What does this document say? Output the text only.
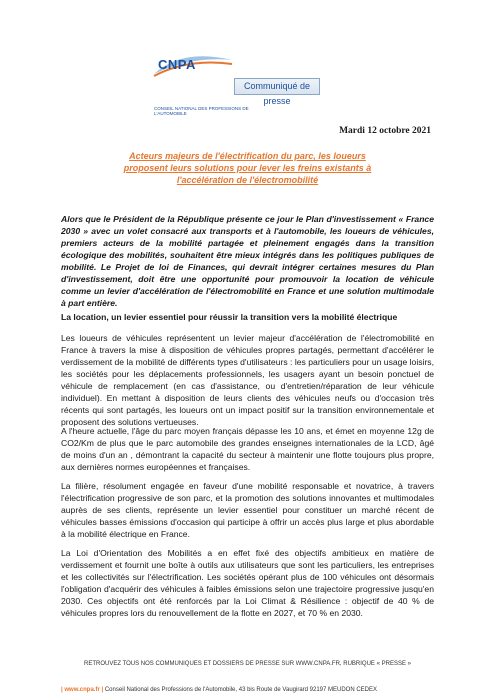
CNPA
CONSEIL NATIONAL DES PROFESSIONS DE L'AUTOMOBILE
Communiqué de presse
Mardi 12 octobre 2021
Acteurs majeurs de l'électrification du parc, les loueurs proposent leurs solutions pour lever les freins existants à l'accélération de l'électromobilité
Alors que le Président de la République présente ce jour le Plan d'investissement « France 2030 » avec un volet consacré aux transports et à l'automobile, les loueurs de véhicules, premiers acteurs de la mobilité partagée et pleinement engagés dans la transition écologique des mobilités, souhaitent être mieux intégrés dans les politiques publiques de mobilité. Le Projet de loi de Finances, qui devrait intégrer certaines mesures du Plan d'investissement, doit être une opportunité pour promouvoir la location de véhicule comme un levier d'accélération de l'électromobilité en France et une solution multimodale à part entière.
La location, un levier essentiel pour réussir la transition vers la mobilité électrique
Les loueurs de véhicules représentent un levier majeur d'accélération de l'électromobilité en France à travers la mise à disposition de véhicules propres partagés, permettant d'accélérer le verdissement de la mobilité de différents types d'utilisateurs : les particuliers pour un usage loisirs, les sociétés pour les déplacements professionnels, les usagers ayant un besoin ponctuel de véhicule de remplacement (en cas d'assistance, ou d'entretien/réparation de leur véhicule individuel). En mettant à disposition de leurs clients des véhicules neufs ou d'occasion très récents qui sont partagés, les loueurs ont un impact positif sur la transition environnementale et proposent des solutions vertueuses.
A l'heure actuelle, l'âge du parc moyen français dépasse les 10 ans, et émet en moyenne 12g de CO2/Km de plus que le parc automobile des grandes enseignes internationales de la LCD, âgé de moins d'un an , démontrant la capacité du secteur à maintenir une flotte toujours plus propre, aux dernières normes européennes et françaises.
La filière, résolument engagée en faveur d'une mobilité responsable et novatrice, à travers l'électrification progressive de son parc, et la promotion des solutions innovantes et multimodales auprès de ses clients, représente un levier essentiel pour constituer un marché récent de véhicules basses émissions d'occasion qui participe à offrir un accès plus large et plus abordable à la mobilité électrique en France.
La Loi d'Orientation des Mobilités a en effet fixé des objectifs ambitieux en matière de verdissement et fournit une boîte à outils aux utilisateurs que sont les particuliers, les entreprises et les collectivités sur l'électrification. Les sociétés opérant plus de 100 véhicules ont désormais l'obligation d'acquérir des véhicules à faibles émissions selon une trajectoire progressive jusqu'en 2030. Ces objectifs ont été renforcés par la Loi Climat & Résilience : objectif de 40 % de véhicules propres lors du renouvellement de la flotte en 2027, et 70 % en 2030.
RETROUVEZ TOUS NOS COMMUNIQUES ET DOSSIERS DE PRESSE SUR WWW.CNPA.FR, RUBRIQUE « PRESSE »
| www.cnpa.fr | Conseil National des Professions de l'Automobile, 43 bis Route de Vaugirard 92197 MEUDON CEDEX
